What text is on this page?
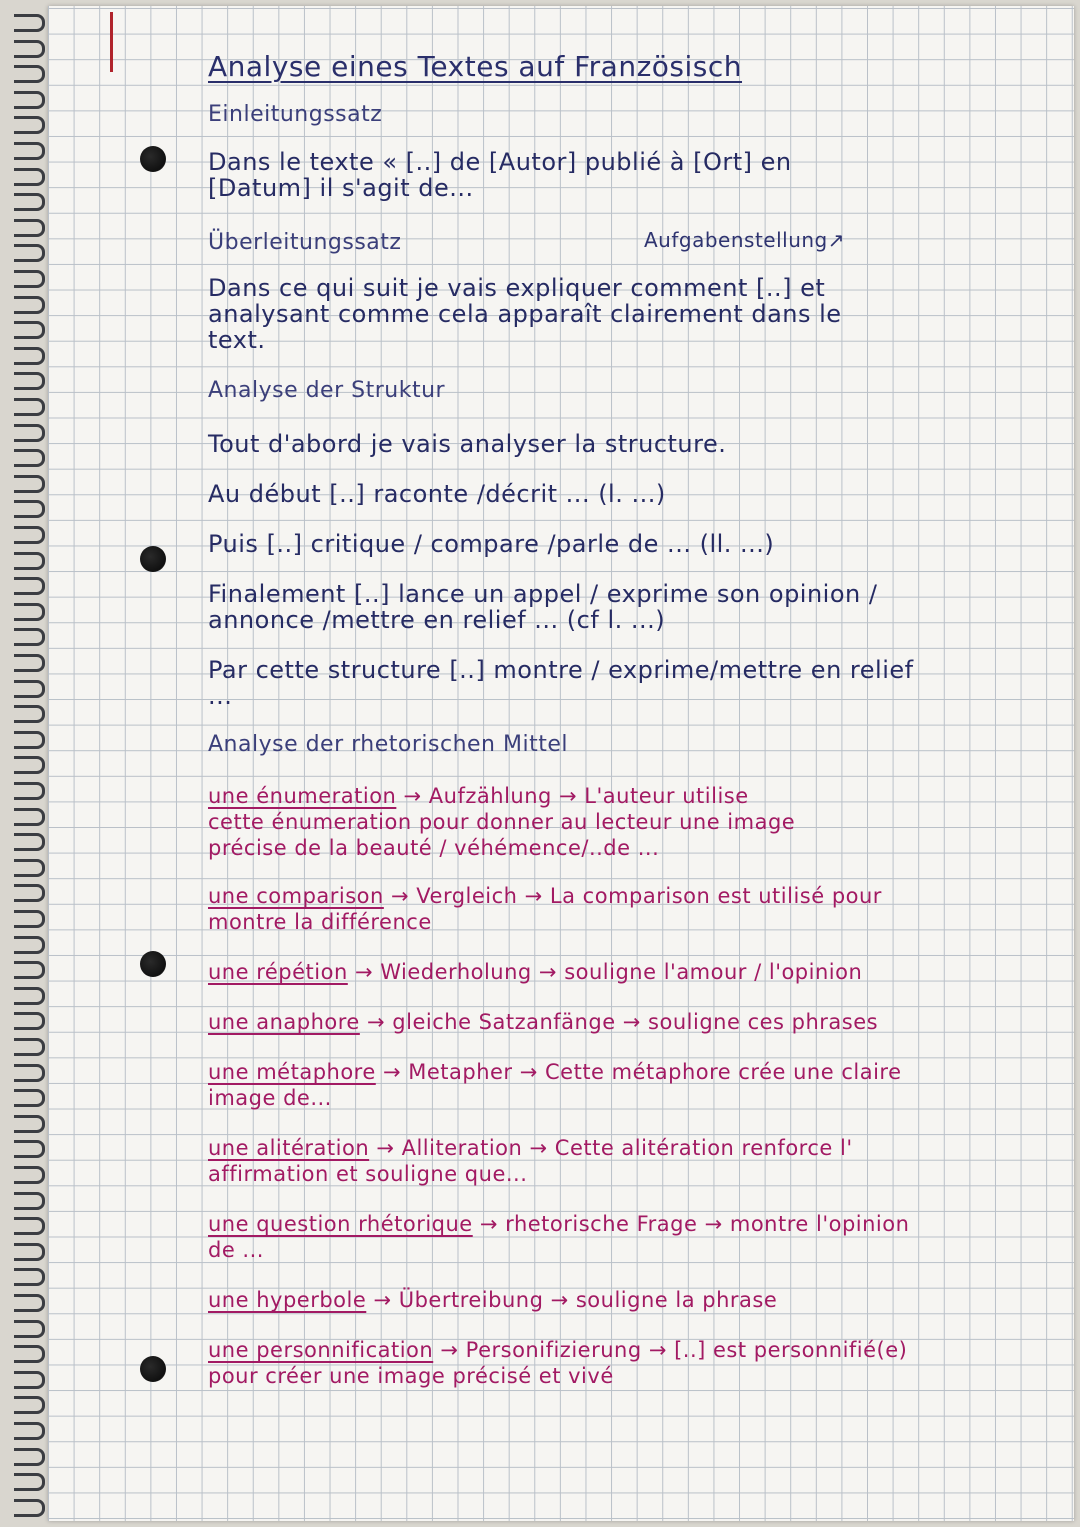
Analyse eines Textes auf Französisch
Einleitungssatz
Dans le texte « [..] de [Autor] publié à [Ort] en
[Datum] il s'agit de...
Überleitungssatz	Aufgabenstellung↗
Dans ce qui suit je vais expliquer comment [..] et
analysant comme cela apparaît clairement dans le
text.
Analyse der Struktur
Tout d'abord je vais analyser la structure.
Au début [..] raconte /décrit ... (l. ...)
Puis [..] critique / compare /parle de ... (ll. ...)
Finalement [..] lance un appel / exprime son opinion /
annonce /mettre en relief ... (cf l. ...)
Par cette structure [..] montre / exprime/mettre en relief
...
Analyse der rhetorischen Mittel
une énumeration → Aufzählung → L'auteur utilise
cette énumeration pour donner au lecteur une image
précise de la beauté / véhémence/..de ...
une comparison → Vergleich → La comparison est utilisé pour
montre la différence
une répétion → Wiederholung → souligne l'amour / l'opinion
une anaphore → gleiche Satzanfänge → souligne ces phrases
une métaphore → Metapher → Cette métaphore crée une claire
image de...
une alitération → Alliteration → Cette alitération renforce l'
affirmation et souligne que...
une question rhétorique → rhetorische Frage → montre l'opinion
de ...
une hyperbole → Übertreibung → souligne la phrase
une personnification → Personifizierung → [..] est personnifié(e)
pour créer une image précisé et vivé
